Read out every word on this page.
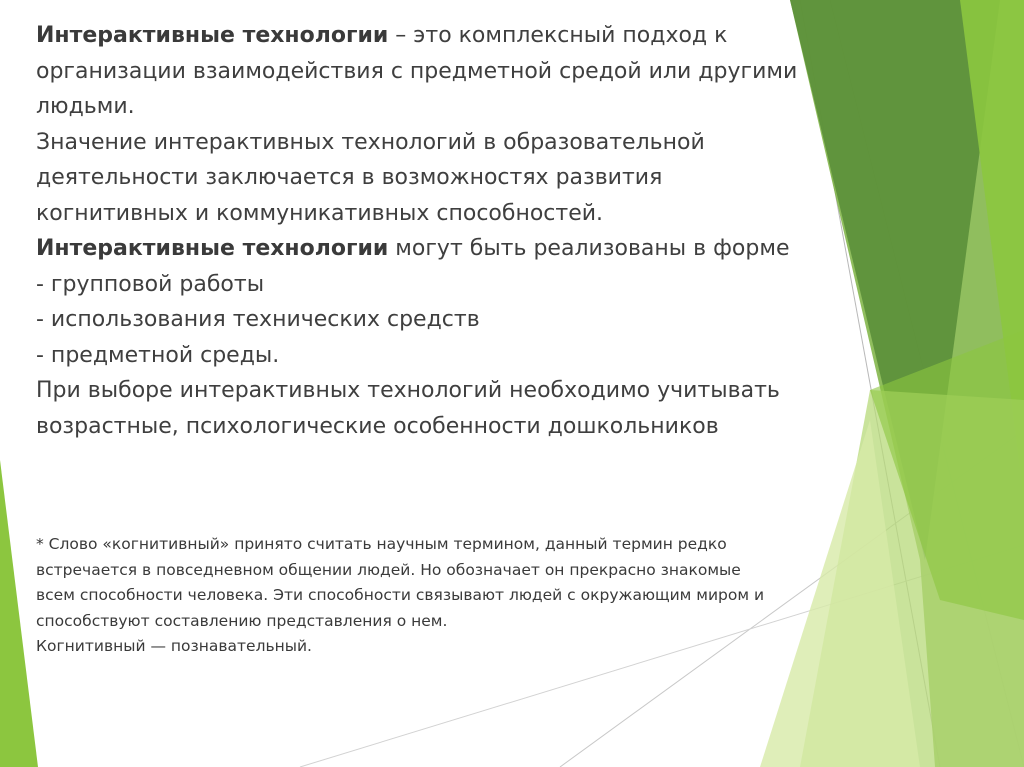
Интерактивные технологии – это комплексный подход к
организации взаимодействия с предметной средой или другими
людьми.
Значение интерактивных технологий в образовательной
деятельности заключается в возможностях развития
когнитивных и коммуникативных способностей.
Интерактивные технологии могут быть реализованы в форме
- групповой работы
- использования технических средств
- предметной среды.
При выборе интерактивных технологий необходимо учитывать
возрастные, психологические особенности дошкольников
* Слово «когнитивный» принято считать научным термином, данный термин редко
встречается в повседневном общении людей. Но обозначает он прекрасно знакомые
всем способности человека. Эти способности связывают людей с окружающим миром и
способствуют составлению представления о нем.
Когнитивный — познавательный.
